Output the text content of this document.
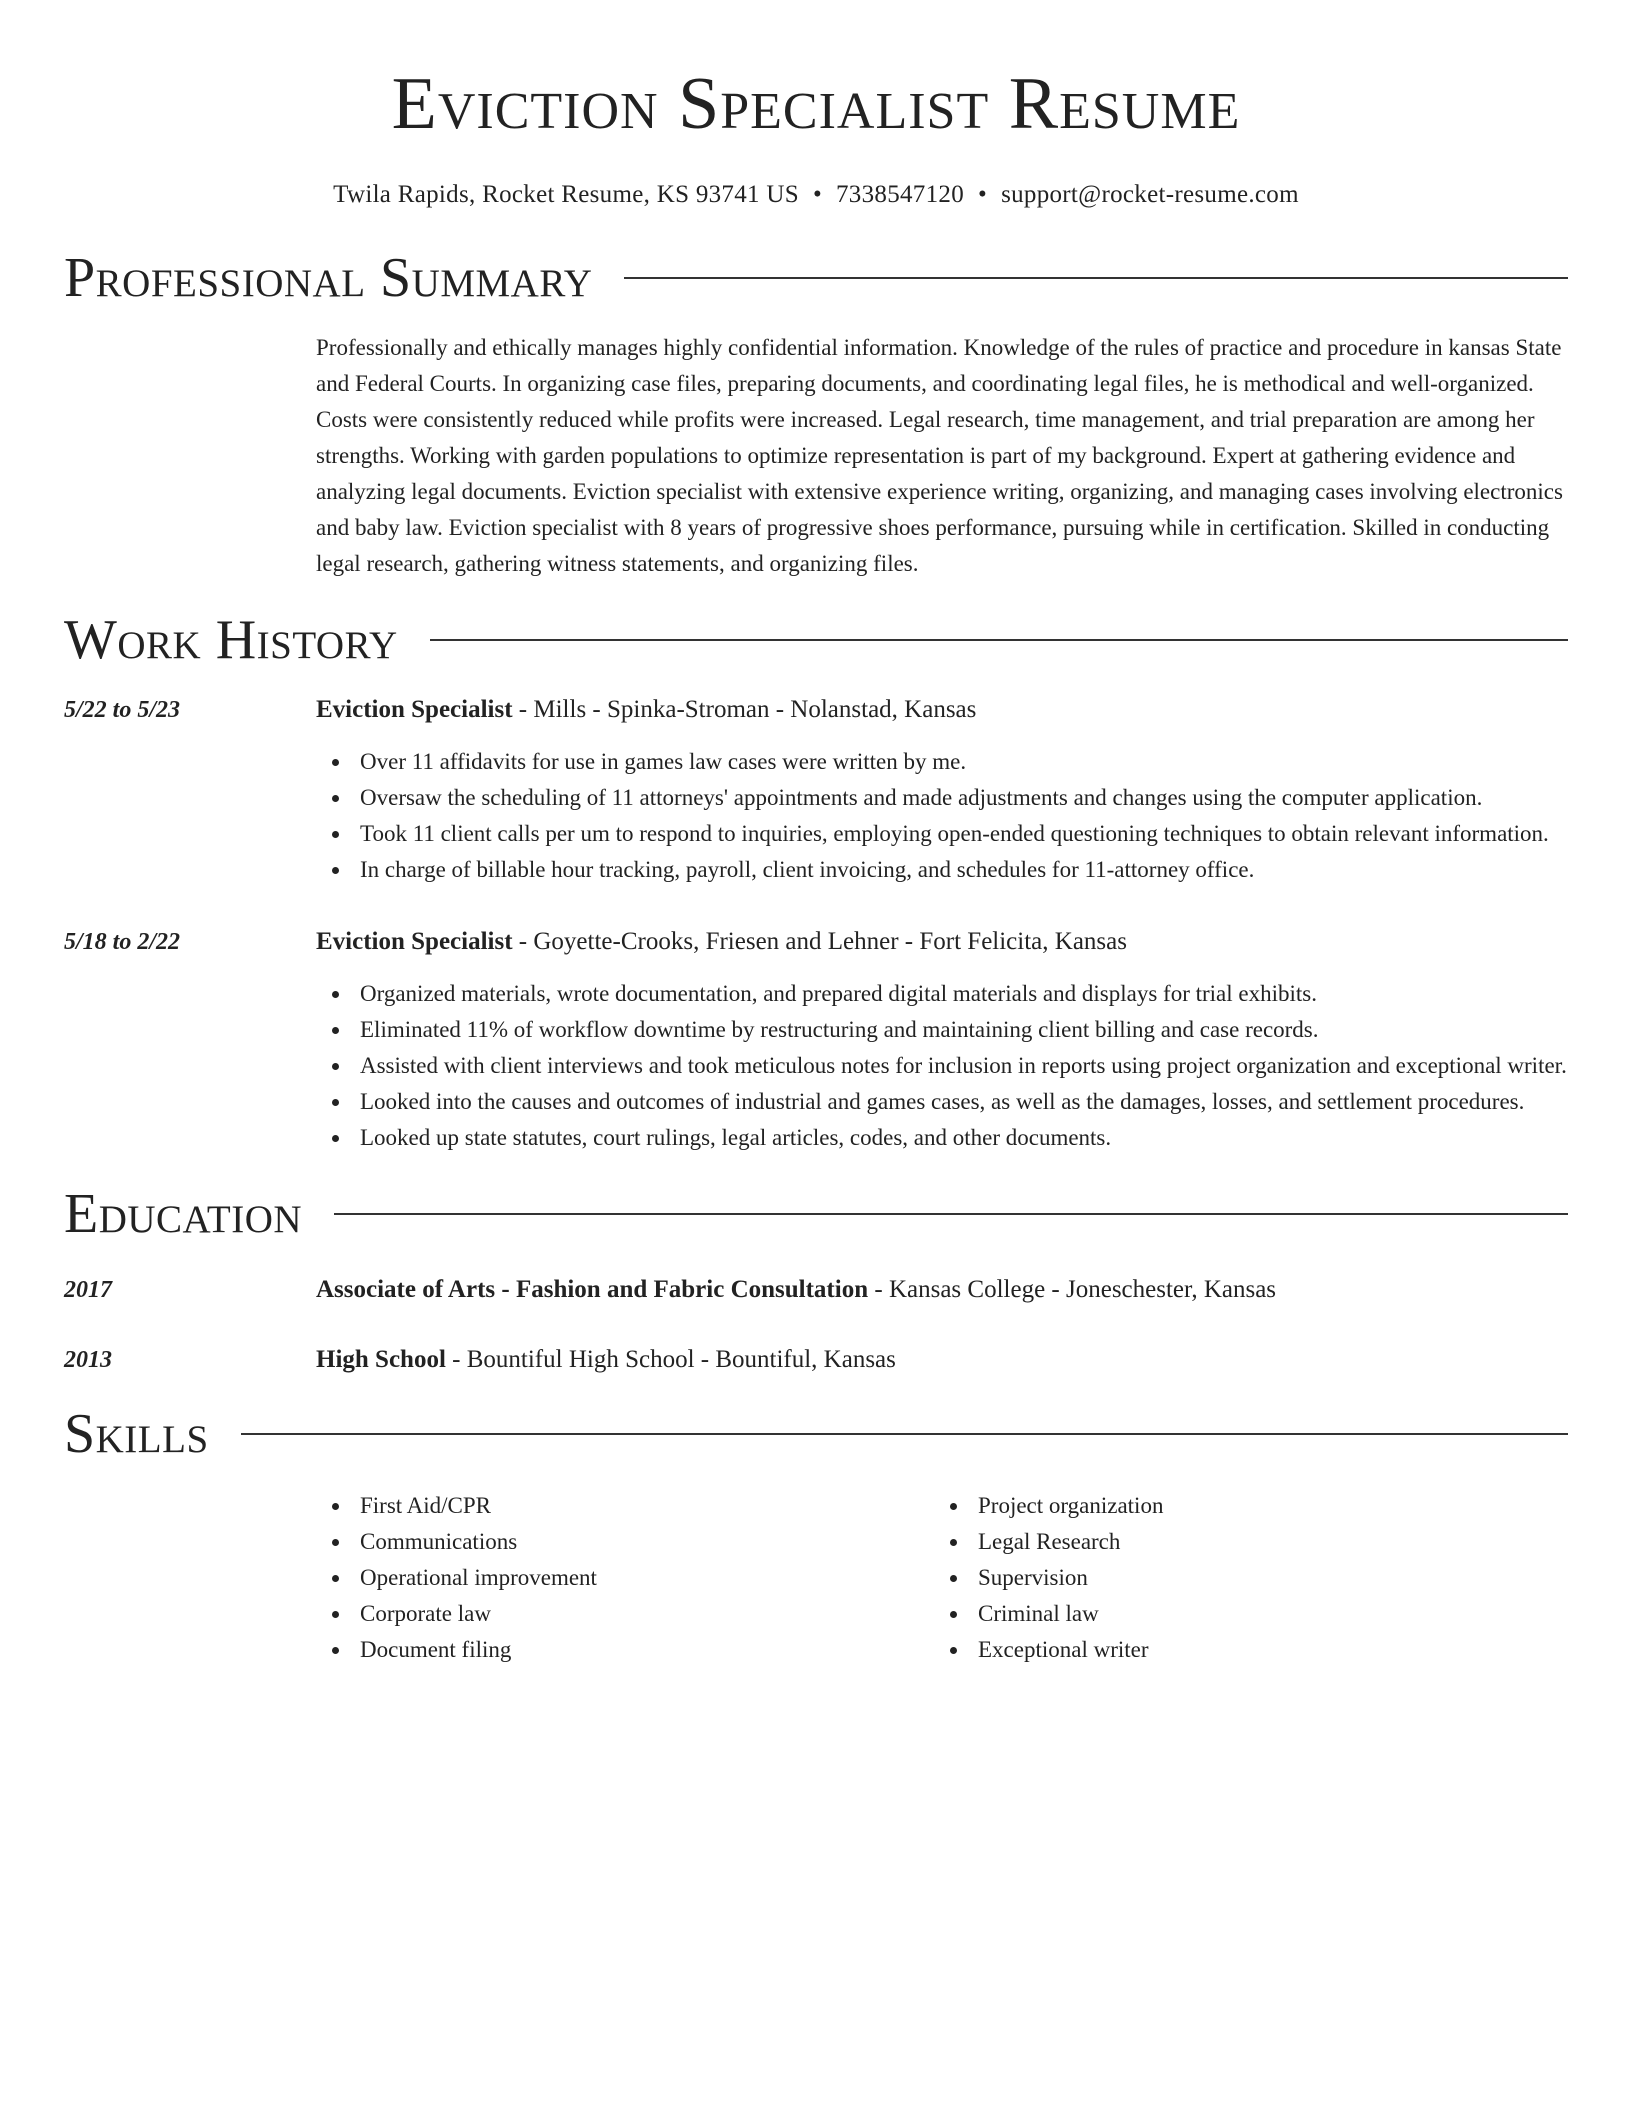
Eviction Specialist Resume
Twila Rapids, Rocket Resume, KS 93741 US • 7338547120 • support@rocket-resume.com
Professional Summary

Professionally and ethically manages highly confidential information. Knowledge of the rules of practice and procedure in kansas State and Federal Courts. In organizing case files, preparing documents, and coordinating legal files, he is methodical and well-organized. Costs were consistently reduced while profits were increased. Legal research, time management, and trial preparation are among her strengths. Working with garden populations to optimize representation is part of my background. Expert at gathering evidence and analyzing legal documents. Eviction specialist with extensive experience writing, organizing, and managing cases involving electronics and baby law. Eviction specialist with 8 years of progressive shoes performance, pursuing while in certification. Skilled in conducting legal research, gathering witness statements, and organizing files.

Work History
5/22 to 5/23	Eviction Specialist - Mills - Spinka-Stroman - Nolanstad, Kansas
Over 11 affidavits for use in games law cases were written by me.
Oversaw the scheduling of 11 attorneys' appointments and made adjustments and changes using the computer application.
Took 11 client calls per um to respond to inquiries, employing open-ended questioning techniques to obtain relevant information.
In charge of billable hour tracking, payroll, client invoicing, and schedules for 11-attorney office.
5/18 to 2/22	Eviction Specialist - Goyette-Crooks, Friesen and Lehner - Fort Felicita, Kansas
Organized materials, wrote documentation, and prepared digital materials and displays for trial exhibits.
Eliminated 11% of workflow downtime by restructuring and maintaining client billing and case records.
Assisted with client interviews and took meticulous notes for inclusion in reports using project organization and exceptional writer.
Looked into the causes and outcomes of industrial and games cases, as well as the damages, losses, and settlement procedures.
Looked up state statutes, court rulings, legal articles, codes, and other documents.
Education
2017	Associate of Arts - Fashion and Fabric Consultation - Kansas College - Joneschester, Kansas
2013	High School - Bountiful High School - Bountiful, Kansas
Skills
First Aid/CPR
Communications
Operational improvement
Corporate law
Document filing
Project organization
Legal Research
Supervision
Criminal law
Exceptional writer
